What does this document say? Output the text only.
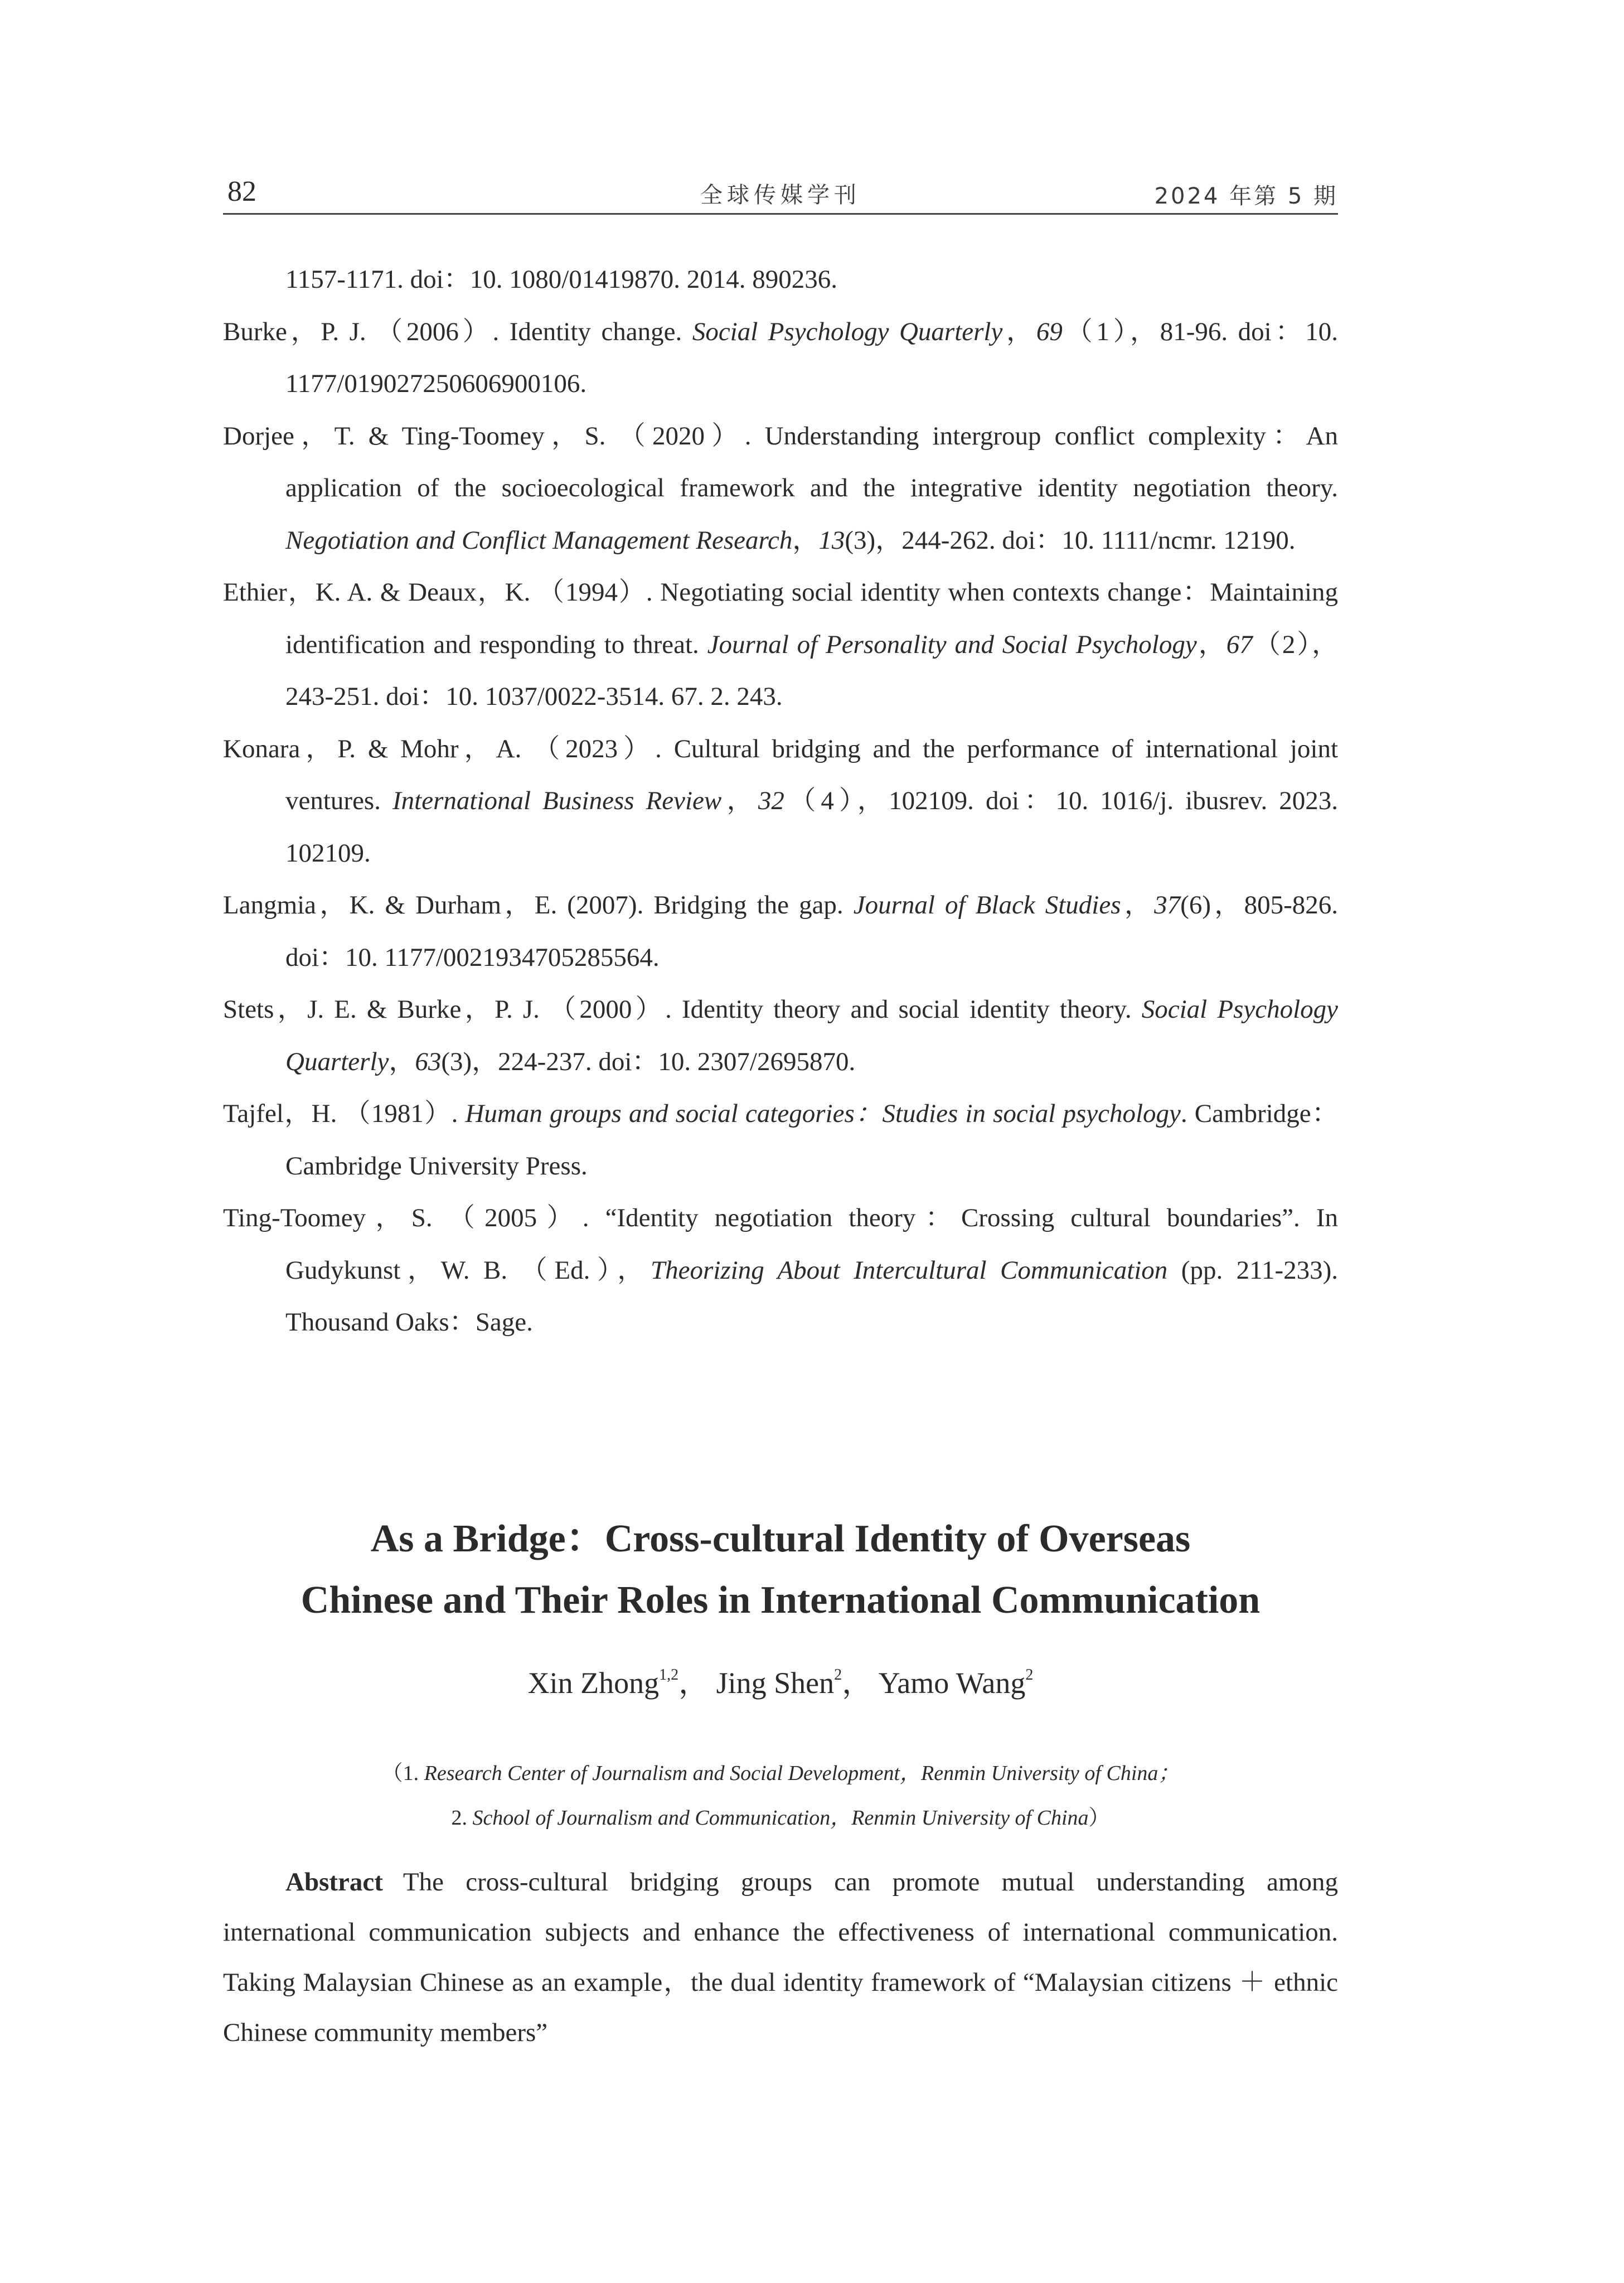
82	全球传媒学刊	2024 年第 5 期

1157-1171. doi：10. 1080/01419870. 2014. 890236.

Burke，P. J. （2006）. Identity change. Social Psychology Quarterly，69（1），81-96. doi：10. 1177/019027250606900106.

Dorjee，T. & Ting-Toomey，S. （2020）. Understanding intergroup conflict complexity：An application of the socioecological framework and the integrative identity negotiation theory. Negotiation and Conflict Management Research，13(3)，244-262. doi：10. 1111/ncmr. 12190.

Ethier，K. A. & Deaux，K. （1994）. Negotiating social identity when contexts change：Maintaining identification and responding to threat. Journal of Personality and Social Psychology，67（2），243-251. doi：10. 1037/0022-3514. 67. 2. 243.

Konara，P. & Mohr，A. （2023）. Cultural bridging and the performance of international joint ventures. International Business Review，32（4），102109. doi：10. 1016/j. ibusrev. 2023. 102109.

Langmia，K. & Durham，E. (2007). Bridging the gap. Journal of Black Studies，37(6)，805-826. doi：10. 1177/0021934705285564.

Stets，J. E. & Burke，P. J. （2000）. Identity theory and social identity theory. Social Psychology Quarterly，63(3)，224-237. doi：10. 2307/2695870.

Tajfel，H. （1981）. Human groups and social categories：Studies in social psychology. Cambridge：Cambridge University Press.

Ting-Toomey，S. （2005）. “Identity negotiation theory：Crossing cultural boundaries”. In Gudykunst，W. B. （Ed.），Theorizing About Intercultural Communication (pp. 211-233). Thousand Oaks：Sage.

As a Bridge：Cross-cultural Identity of Overseas
Chinese and Their Roles in International Communication
Xin Zhong$^{1,2}$， Jing Shen$^2$， Yamo Wang$^2$
（1. Research Center of Journalism and Social Development，Renmin University of China；
2. School of Journalism and Communication，Renmin University of China）
Abstract The cross-cultural bridging groups can promote mutual understanding among international communication subjects and enhance the effectiveness of international communication. Taking Malaysian Chinese as an example，the dual identity framework of “Malaysian citizens ＋ ethnic Chinese community members”
